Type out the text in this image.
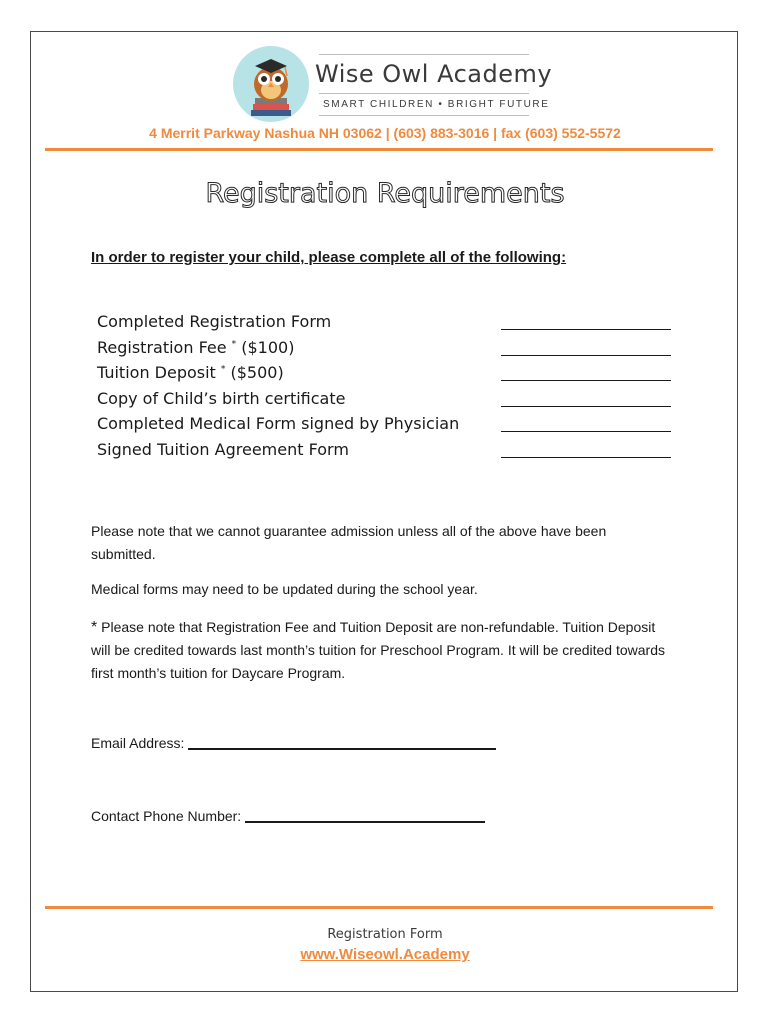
Wise Owl Academy
SMART CHILDREN • BRIGHT FUTURE
4 Merrit Parkway Nashua NH 03062 | (603) 883-3016 | fax (603) 552-5572
Registration Requirements
In order to register your child, please complete all of the following:
Completed Registration Form
Registration Fee * ($100)
Tuition Deposit * ($500)
Copy of Child’s birth certificate
Completed Medical Form signed by Physician
Signed Tuition Agreement Form

Please note that we cannot guarantee admission unless all of the above have been submitted.

Medical forms may need to be updated during the school year.

* Please note that Registration Fee and Tuition Deposit are non-refundable. Tuition Deposit will be credited towards last month’s tuition for Preschool Program. It will be credited towards first month’s tuition for Daycare Program.

Email Address:
Contact Phone Number:
Registration Form
www.Wiseowl.Academy
